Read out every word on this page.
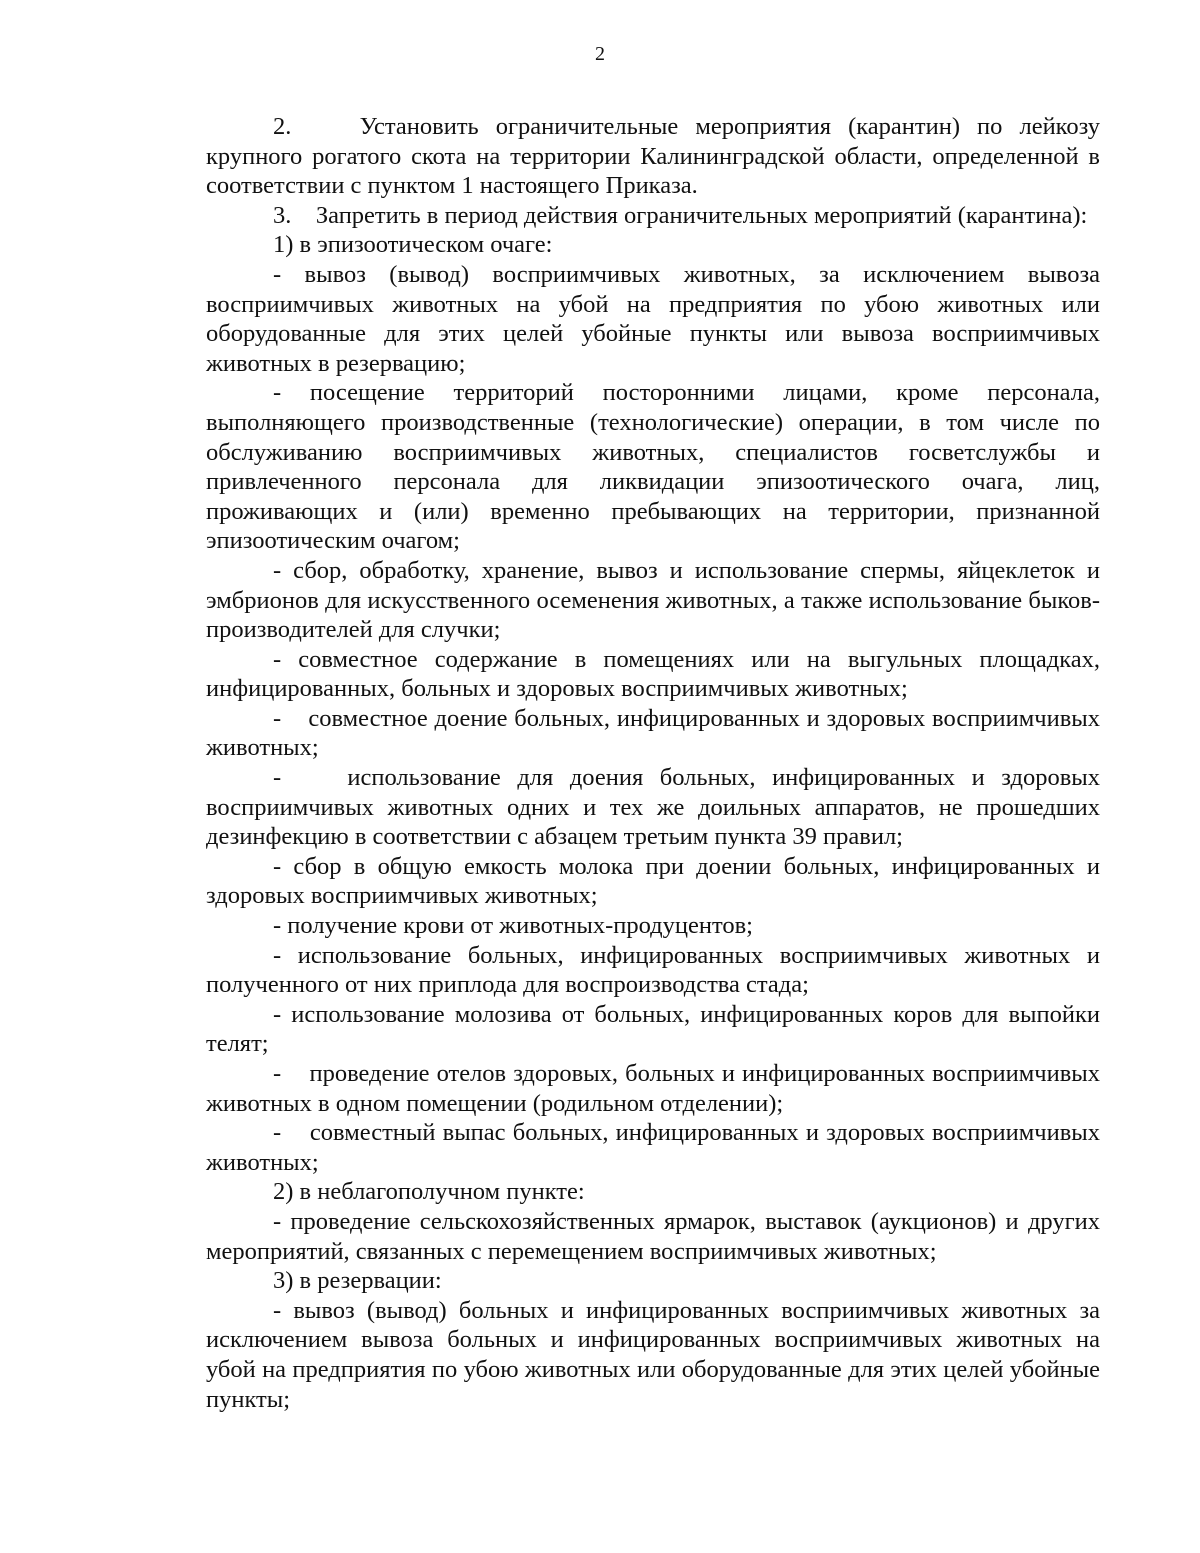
2

2.    Установить ограничительные мероприятия (карантин) по лейкозу крупного рогатого скота на территории Калининградской области, определенной в соответствии с пунктом 1 настоящего Приказа.

3.    Запретить в период действия ограничительных мероприятий (карантина):

1) в эпизоотическом очаге:

- вывоз (вывод) восприимчивых животных, за исключением вывоза восприимчивых животных на убой на предприятия по убою животных или оборудованные для этих целей убойные пункты или вывоза восприимчивых животных в резервацию;

- посещение территорий посторонними лицами, кроме персонала, выполняющего производственные (технологические) операции, в том числе по обслуживанию восприимчивых животных, специалистов госветслужбы и привлеченного персонала для ликвидации эпизоотического очага, лиц, проживающих и (или) временно пребывающих на территории, признанной эпизоотическим очагом;

- сбор, обработку, хранение, вывоз и использование спермы, яйцеклеток и эмбрионов для искусственного осеменения животных, а также использование быков-производителей для случки;

- совместное содержание в помещениях или на выгульных площадках, инфицированных, больных и здоровых восприимчивых животных;

-    совместное доение больных, инфицированных и здоровых восприимчивых животных;

-    использование для доения больных, инфицированных и здоровых восприимчивых животных одних и тех же доильных аппаратов, не прошедших дезинфекцию в соответствии с абзацем третьим пункта 39 правил;

- сбор в общую емкость молока при доении больных, инфицированных и здоровых восприимчивых животных;

- получение крови от животных-продуцентов;

- использование больных, инфицированных восприимчивых животных и полученного от них приплода для воспроизводства стада;

- использование молозива от больных, инфицированных коров для выпойки телят;

-    проведение отелов здоровых, больных и инфицированных восприимчивых животных в одном помещении (родильном отделении);

-    совместный выпас больных, инфицированных и здоровых восприимчивых животных;

2) в неблагополучном пункте:

- проведение сельскохозяйственных ярмарок, выставок (аукционов) и других мероприятий, связанных с перемещением восприимчивых животных;

3) в резервации:

- вывоз (вывод) больных и инфицированных восприимчивых животных за исключением вывоза больных и инфицированных восприимчивых животных на убой на предприятия по убою животных или оборудованные для этих целей убойные пункты;
